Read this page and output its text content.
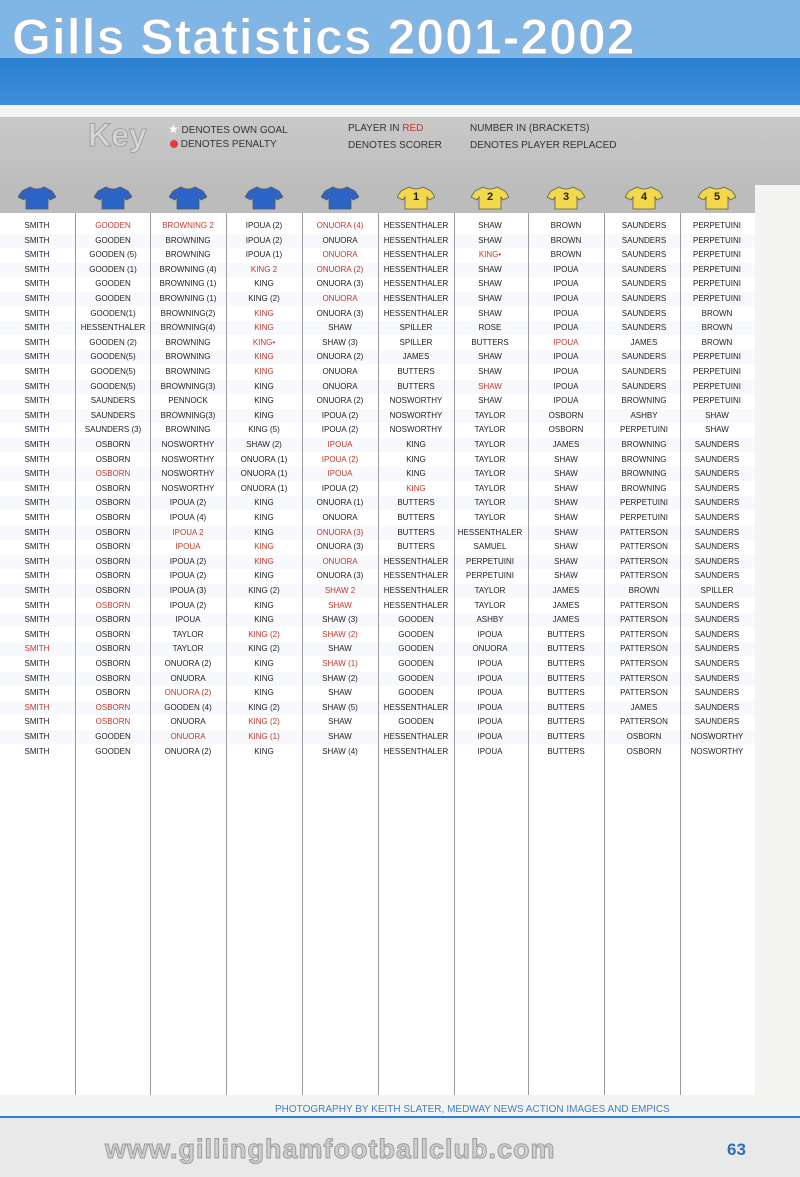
Gills Statistics 2001-2002
Key ★ DENOTES OWN GOAL
DENOTES PENALTY
PLAYER IN RED
DENOTES SCORER
NUMBER IN (BRACKETS)
DENOTES PLAYER REPLACED
1	2	3	4	5
SMITH	GOODEN	BROWNING 2	IPOUA (2)	ONUORA (4)	HESSENTHALER	SHAW	BROWN	SAUNDERS	PERPETUINI
SMITH	GOODEN	BROWNING	IPOUA (2)	ONUORA	HESSENTHALER	SHAW	BROWN	SAUNDERS	PERPETUINI
SMITH	GOODEN (5)	BROWNING	IPOUA (1)	ONUORA	HESSENTHALER	KING•	BROWN	SAUNDERS	PERPETUINI
SMITH	GOODEN (1)	BROWNING (4)	KING 2	ONUORA (2)	HESSENTHALER	SHAW	IPOUA	SAUNDERS	PERPETUINI
SMITH	GOODEN	BROWNING (1)	KING	ONUORA (3)	HESSENTHALER	SHAW	IPOUA	SAUNDERS	PERPETUINI
SMITH	GOODEN	BROWNING (1)	KING (2)	ONUORA	HESSENTHALER	SHAW	IPOUA	SAUNDERS	PERPETUINI
SMITH	GOODEN(1)	BROWNING(2)	KING	ONUORA (3)	HESSENTHALER	SHAW	IPOUA	SAUNDERS	BROWN
SMITH	HESSENTHALER	BROWNING(4)	KING	SHAW	SPILLER	ROSE	IPOUA	SAUNDERS	BROWN
SMITH	GOODEN (2)	BROWNING	KING•	SHAW (3)	SPILLER	BUTTERS	IPOUA	JAMES	BROWN
SMITH	GOODEN(5)	BROWNING	KING	ONUORA (2)	JAMES	SHAW	IPOUA	SAUNDERS	PERPETUINI
SMITH	GOODEN(5)	BROWNING	KING	ONUORA	BUTTERS	SHAW	IPOUA	SAUNDERS	PERPETUINI
SMITH	GOODEN(5)	BROWNING(3)	KING	ONUORA	BUTTERS	SHAW	IPOUA	SAUNDERS	PERPETUINI
SMITH	SAUNDERS	PENNOCK	KING	ONUORA (2)	NOSWORTHY	SHAW	IPOUA	BROWNING	PERPETUINI
SMITH	SAUNDERS	BROWNING(3)	KING	IPOUA (2)	NOSWORTHY	TAYLOR	OSBORN	ASHBY	SHAW
SMITH	SAUNDERS (3)	BROWNING	KING (5)	IPOUA (2)	NOSWORTHY	TAYLOR	OSBORN	PERPETUINI	SHAW
SMITH	OSBORN	NOSWORTHY	SHAW (2)	IPOUA	KING	TAYLOR	JAMES	BROWNING	SAUNDERS
SMITH	OSBORN	NOSWORTHY	ONUORA (1)	IPOUA (2)	KING	TAYLOR	SHAW	BROWNING	SAUNDERS
SMITH	OSBORN	NOSWORTHY	ONUORA (1)	IPOUA	KING	TAYLOR	SHAW	BROWNING	SAUNDERS
SMITH	OSBORN	NOSWORTHY	ONUORA (1)	IPOUA (2)	KING	TAYLOR	SHAW	BROWNING	SAUNDERS
SMITH	OSBORN	IPOUA (2)	KING	ONUORA (1)	BUTTERS	TAYLOR	SHAW	PERPETUINI	SAUNDERS
SMITH	OSBORN	IPOUA (4)	KING	ONUORA	BUTTERS	TAYLOR	SHAW	PERPETUINI	SAUNDERS
SMITH	OSBORN	IPOUA 2	KING	ONUORA (3)	BUTTERS	HESSENTHALER	SHAW	PATTERSON	SAUNDERS
SMITH	OSBORN	IPOUA	KING	ONUORA (3)	BUTTERS	SAMUEL	SHAW	PATTERSON	SAUNDERS
SMITH	OSBORN	IPOUA (2)	KING	ONUORA	HESSENTHALER	PERPETUINI	SHAW	PATTERSON	SAUNDERS
SMITH	OSBORN	IPOUA (2)	KING	ONUORA (3)	HESSENTHALER	PERPETUINI	SHAW	PATTERSON	SAUNDERS
SMITH	OSBORN	IPOUA (3)	KING (2)	SHAW 2	HESSENTHALER	TAYLOR	JAMES	BROWN	SPILLER
SMITH	OSBORN	IPOUA (2)	KING	SHAW	HESSENTHALER	TAYLOR	JAMES	PATTERSON	SAUNDERS
SMITH	OSBORN	IPOUA	KING	SHAW (3)	GOODEN	ASHBY	JAMES	PATTERSON	SAUNDERS
SMITH	OSBORN	TAYLOR	KING (2)	SHAW (2)	GOODEN	IPOUA	BUTTERS	PATTERSON	SAUNDERS
SMITH	OSBORN	TAYLOR	KING (2)	SHAW	GOODEN	ONUORA	BUTTERS	PATTERSON	SAUNDERS
SMITH	OSBORN	ONUORA (2)	KING	SHAW (1)	GOODEN	IPOUA	BUTTERS	PATTERSON	SAUNDERS
SMITH	OSBORN	ONUORA	KING	SHAW (2)	GOODEN	IPOUA	BUTTERS	PATTERSON	SAUNDERS
SMITH	OSBORN	ONUORA (2)	KING	SHAW	GOODEN	IPOUA	BUTTERS	PATTERSON	SAUNDERS
SMITH	OSBORN	GOODEN (4)	KING (2)	SHAW (5)	HESSENTHALER	IPOUA	BUTTERS	JAMES	SAUNDERS
SMITH	OSBORN	ONUORA	KING (2)	SHAW	GOODEN	IPOUA	BUTTERS	PATTERSON	SAUNDERS
SMITH	GOODEN	ONUORA	KING (1)	SHAW	HESSENTHALER	IPOUA	BUTTERS	OSBORN	NOSWORTHY
SMITH	GOODEN	ONUORA (2)	KING	SHAW (4)	HESSENTHALER	IPOUA	BUTTERS	OSBORN	NOSWORTHY
PHOTOGRAPHY BY KEITH SLATER, MEDWAY NEWS ACTION IMAGES AND EMPICS
www.gillinghamfootballclub.com	63
